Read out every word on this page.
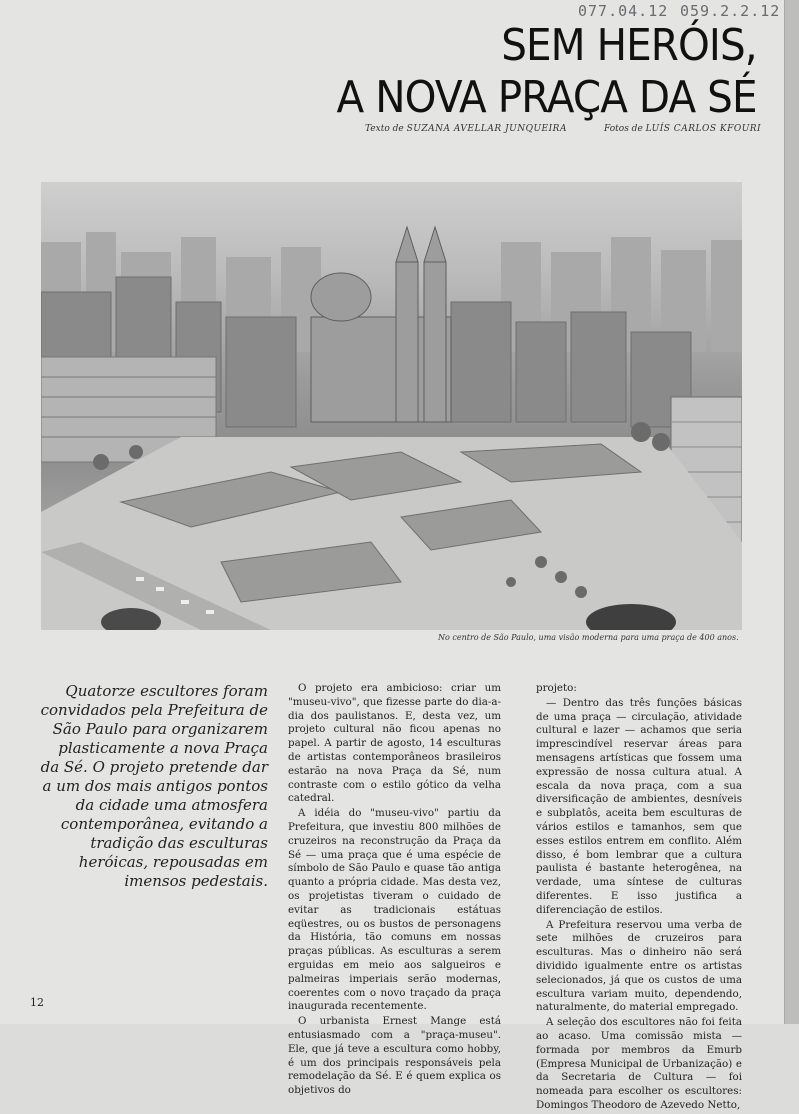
077.04.12 059.2.2.12
SEM HERÓIS,
A NOVA PRAÇA DA SÉ
Texto de SUZANA AVELLAR JUNQUEIRA	Fotos de LUÍS CARLOS KFOURI
No centro de São Paulo, uma visão moderna para uma praça de 400 anos.
Quatorze escultores foram convidados pela Prefeitura de São Paulo para organizarem plasticamente a nova Praça da Sé. O projeto pretende dar a um dos mais antigos pontos da cidade uma atmosfera contemporânea, evitando a tradição das esculturas heróicas, repousadas em imensos pedestais.

O projeto era ambicioso: criar um "museu-vivo", que fizesse parte do dia-a-dia dos paulistanos. E, desta vez, um projeto cultural não ficou apenas no papel. A partir de agosto, 14 esculturas de artistas contemporâneos brasileiros estarão na nova Praça da Sé, num contraste com o estilo gótico da velha catedral.

A idéia do "museu-vivo" partiu da Prefeitura, que investiu 800 milhões de cruzeiros na reconstrução da Praça da Sé — uma praça que é uma espécie de símbolo de São Paulo e quase tão antiga quanto a própria cidade. Mas desta vez, os projetistas tiveram o cuidado de evitar as tradicionais estátuas eqüestres, ou os bustos de personagens da História, tão comuns em nossas praças públicas. As esculturas a serem erguidas em meio aos salgueiros e palmeiras imperiais serão modernas, coerentes com o novo traçado da praça inaugurada recentemente.

O urbanista Ernest Mange está entusiasmado com a "praça-museu". Ele, que já teve a escultura como hobby, é um dos principais responsáveis pela remodelação da Sé. E é quem explica os objetivos do

projeto:

— Dentro das três funções básicas de uma praça — circulação, atividade cultural e lazer — achamos que seria imprescindível reservar áreas para mensagens artísticas que fossem uma expressão de nossa cultura atual. A escala da nova praça, com a sua diversificação de ambientes, desníveis e subplatôs, aceita bem esculturas de vários estilos e tamanhos, sem que esses estilos entrem em conflito. Além disso, é bom lembrar que a cultura paulista é bastante heterogênea, na verdade, uma síntese de culturas diferentes. E isso justifica a diferenciação de estilos.

A Prefeitura reservou uma verba de sete milhões de cruzeiros para esculturas. Mas o dinheiro não será dividido igualmente entre os artistas selecionados, já que os custos de uma escultura variam muito, dependendo, naturalmente, do material empregado.

A seleção dos escultores não foi feita ao acaso. Uma comissão mista — formada por membros da Emurb (Empresa Municipal de Urbanização) e da Secretaria de Cultura — foi nomeada para escolher os escultores: Domingos Theodoro de Azevedo Netto,

12
